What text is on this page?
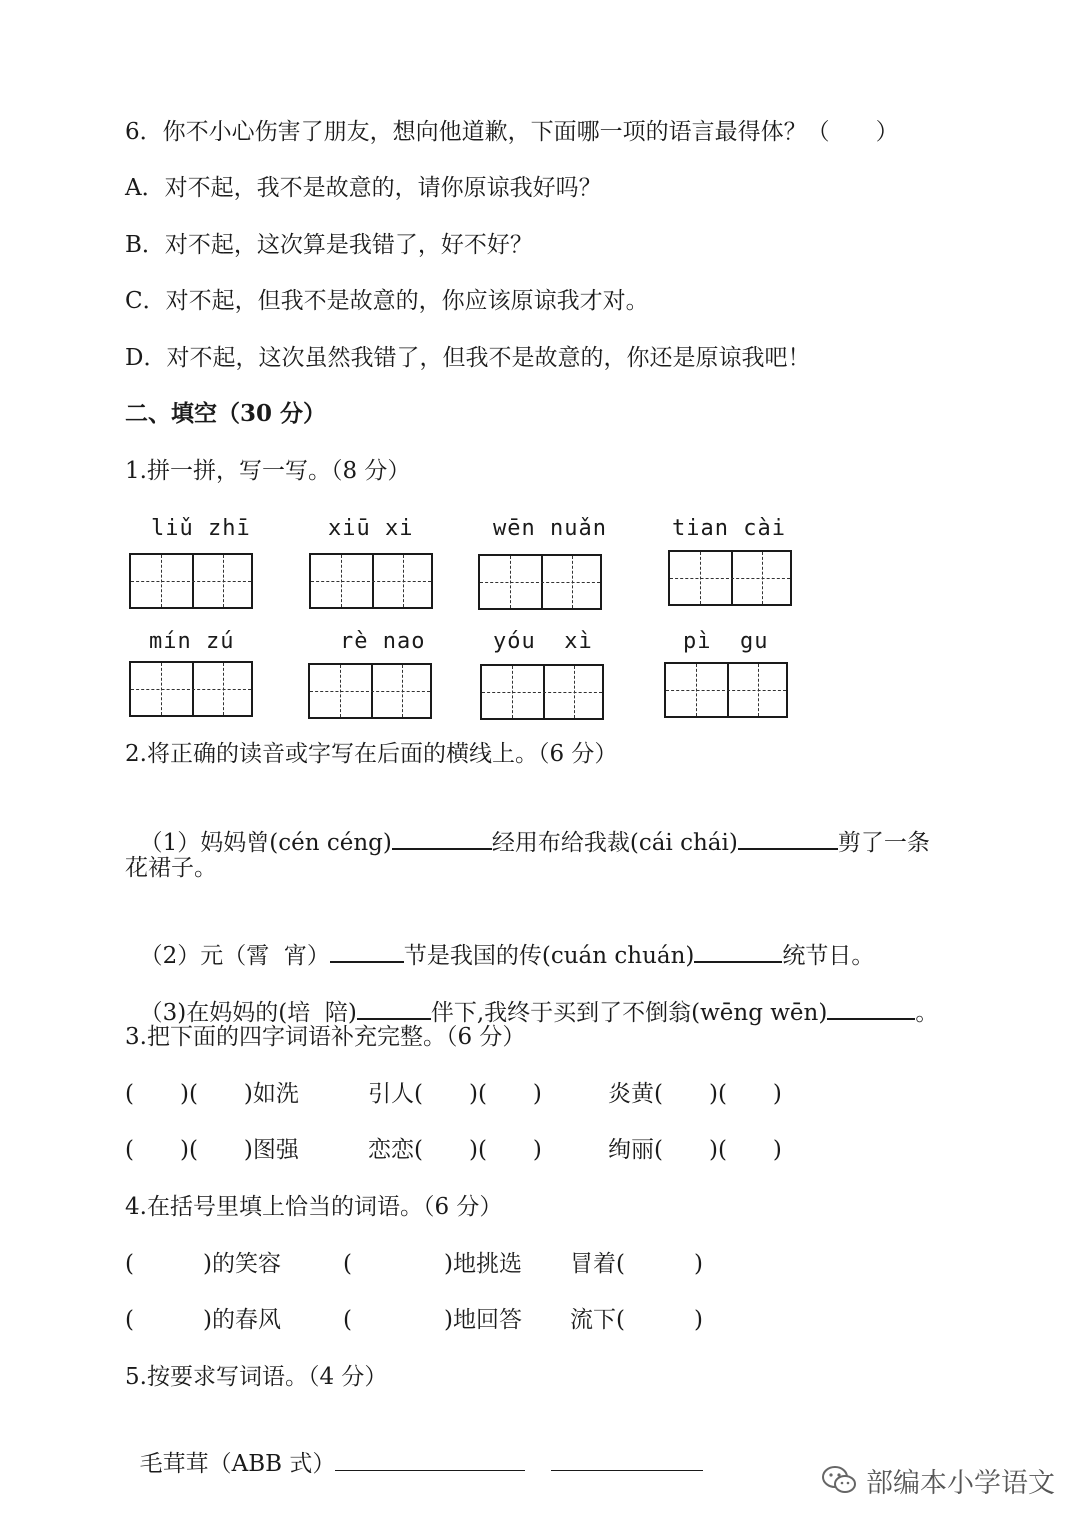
6．你不小心伤害了朋友，想向他道歉，下面哪一项的语言最得体？（　　）
A．对不起，我不是故意的，请你原谅我好吗？
B．对不起，这次算是我错了，好不好？
C．对不起，但我不是故意的，你应该原谅我才对。
D．对不起，这次虽然我错了，但我不是故意的，你还是原谅我吧！
二、填空（30 分）
1.拼一拼，写一写。（8 分）
liǔ zhī	xiū xi	wēn nuǎn	tian cài
mín zú	rè nao	yóu  xì	pì  gu
2.将正确的读音或字写在后面的横线上。（6 分）

（1）妈妈曾(cén céng)	经用布给我裁(cái chái)	剪了一条

花裙子。

（2）元（霄  宵）	节是我国的传(cuán chuán)	统节日。

（3)在妈妈的(培  陪)	伴下,我终于买到了不倒翁(wēng wēn)	。

3.把下面的四字词语补充完整。（6 分）
(　　)(　　)如洗	引人(　　)(　　)	炎黄(　　)(　　)
(　　)(　　)图强	恋恋(　　)(　　)	绚丽(　　)(　　)
4.在括号里填上恰当的词语。（6 分）
(　　　)的笑容	(　　　　)地挑选 冒着(　　　)
(　　　)的春风	(　　　　)地回答 流下(　　　)
5.按要求写词语。（4 分）

毛茸茸（ABB 式）

部编本小学语文
